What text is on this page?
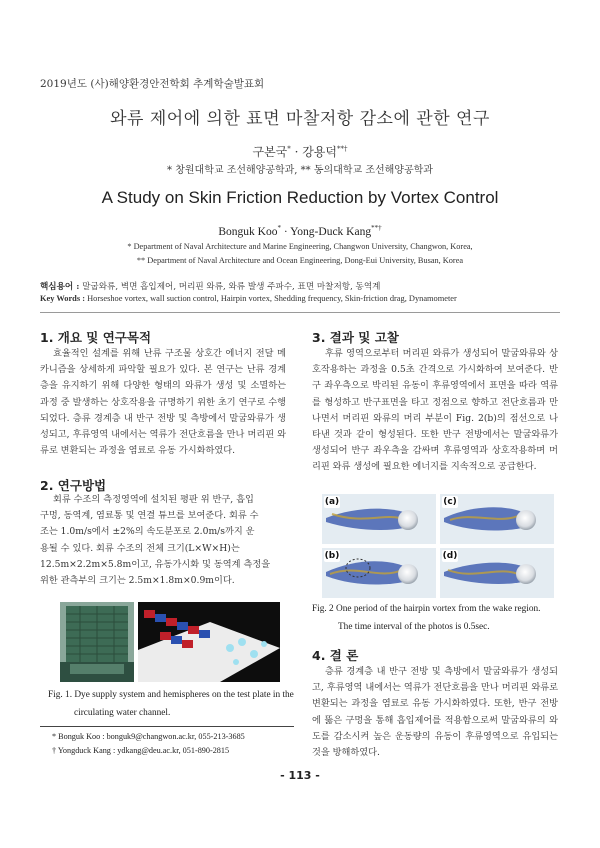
2019년도 (사)해양환경안전학회 추계학술발표회
와류 제어에 의한 표면 마찰저항 감소에 관한 연구
구본국* · 강용덕**†
* 창원대학교 조선해양공학과, ** 동의대학교 조선해양공학과
A Study on Skin Friction Reduction by Vortex Control
Bonguk Koo* · Yong-Duck Kang**†
* Department of Naval Architecture and Marine Engineering, Changwon University, Changwon, Korea,
** Department of Naval Architecture and Ocean Engineering, Dong-Eui University, Busan, Korea
핵심용어 : 말굽와류, 벽면 흡입제어, 머리핀 와류, 와류 발생 주파수, 표면 마찰저항, 동역계
Key Words : Horseshoe vortex, wall suction control, Hairpin vortex, Shedding frequency, Skin-friction drag, Dynamometer
1. 개요 및 연구목적

효율적인 설계를 위해 난류 구조물 상호간 에너지 전달 메카니즘을 상세하게 파악할 필요가 있다. 본 연구는 난류 경계층을 유지하기 위해 다양한 형태의 와류가 생성 및 소멸하는 과정 중 발생하는 상호작용을 규명하기 위한 초기 연구로 수행되었다. 층류 경계층 내 반구 전방 및 측방에서 말굽와류가 생성되고, 후류영역 내에서는 역류가 전단흐름을 만나 머리핀 와류로 변환되는 과정을 염료로 유동 가시화하였다.

2. 연구방법
회류 수조의 측정영역에 설치된 평판 위 반구, 흡입
구멍, 동역계, 염료통 및 연결 튜브를 보여준다. 회류 수
조는 1.0m/s에서 ±2%의 속도분포로 2.0m/s까지 운
용될 수 있다. 회류 수조의 전체 크기(L×W×H)는
12.5m×2.2m×5.8m이고, 유동가시화 및 동역계 측정을
위한 관측부의 크기는 2.5m×1.8m×0.9m이다.
Fig. 1. Dye supply system and hemispheres on the test plate in the
circulating water channel.
* Bonguk Koo : bonguk9@changwon.ac.kr, 055-213-3685
† Yongduck Kang : ydkang@deu.ac.kr, 051-890-2815
3. 결과 및 고찰

후류 영역으로부터 머리핀 와류가 생성되어 말굽와류와 상호작용하는 과정을 0.5초 간격으로 가시화하여 보여준다. 반구 좌우측으로 박리된 유동이 후류영역에서 표면을 따라 역류를 형성하고 반구표면을 타고 정점으로 향하고 전단흐름과 만나면서 머리핀 와류의 머리 부분이 Fig. 2(b)의 점선으로 나타낸 것과 같이 형성된다. 또한 반구 전방에서는 말굽와류가 생성되어 반구 좌우측을 감싸며 후류영역과 상호작용하며 머리핀 와류 생성에 필요한 에너지를 지속적으로 공급한다.

(a)
(b)
(c)
(d)
Fig. 2 One period of the hairpin vortex from the wake region.
The time interval of the photos is 0.5sec.
4. 결 론

층류 경계층 내 반구 전방 및 측방에서 말굽와류가 생성되고, 후류영역 내에서는 역류가 전단흐름을 만나 머리핀 와류로 변환되는 과정을 염료로 유동 가시화하였다. 또한, 반구 전방에 뚫은 구멍을 통해 흡입제어를 적용함으로써 말굽와류의 와도를 감소시켜 높은 운동량의 유동이 후류영역으로 유입되는 것을 방해하였다.

- 113 -
